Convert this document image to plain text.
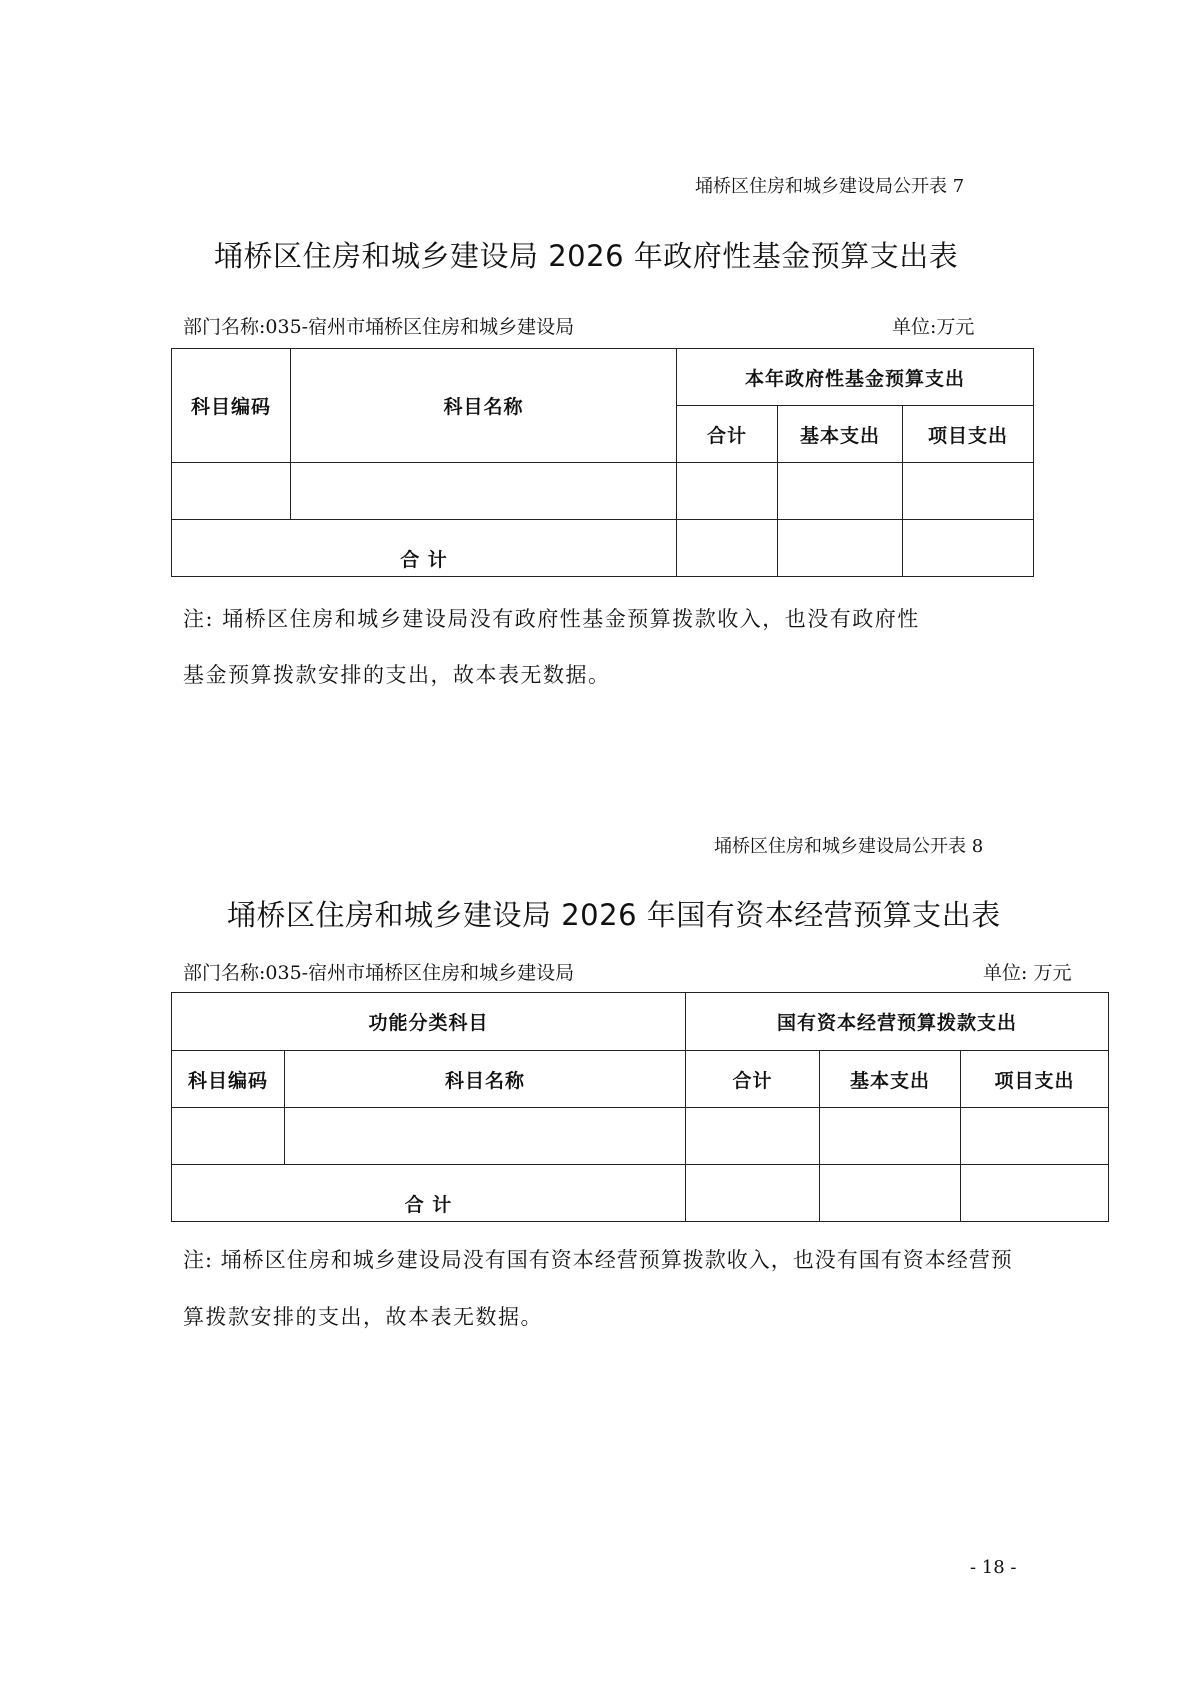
埇桥区住房和城乡建设局公开表 7
埇桥区住房和城乡建设局 2026 年政府性基金预算支出表
部门名称:035-宿州市埇桥区住房和城乡建设局	单位:万元
科目编码	科目名称	本年政府性基金预算支出		
		合计	基本支出	项目支出

合 计				
注: 埇桥区住房和城乡建设局没有政府性基金预算拨款收入，也没有政府性
基金预算拨款安排的支出，故本表无数据。
埇桥区住房和城乡建设局公开表 8
埇桥区住房和城乡建设局 2026 年国有资本经营预算支出表
部门名称:035-宿州市埇桥区住房和城乡建设局	单位: 万元
功能分类科目		国有资本经营预算拨款支出		
科目编码	科目名称	合计	基本支出	项目支出

合 计				
注: 埇桥区住房和城乡建设局没有国有资本经营预算拨款收入，也没有国有资本经营预
算拨款安排的支出，故本表无数据。
- 18 -
